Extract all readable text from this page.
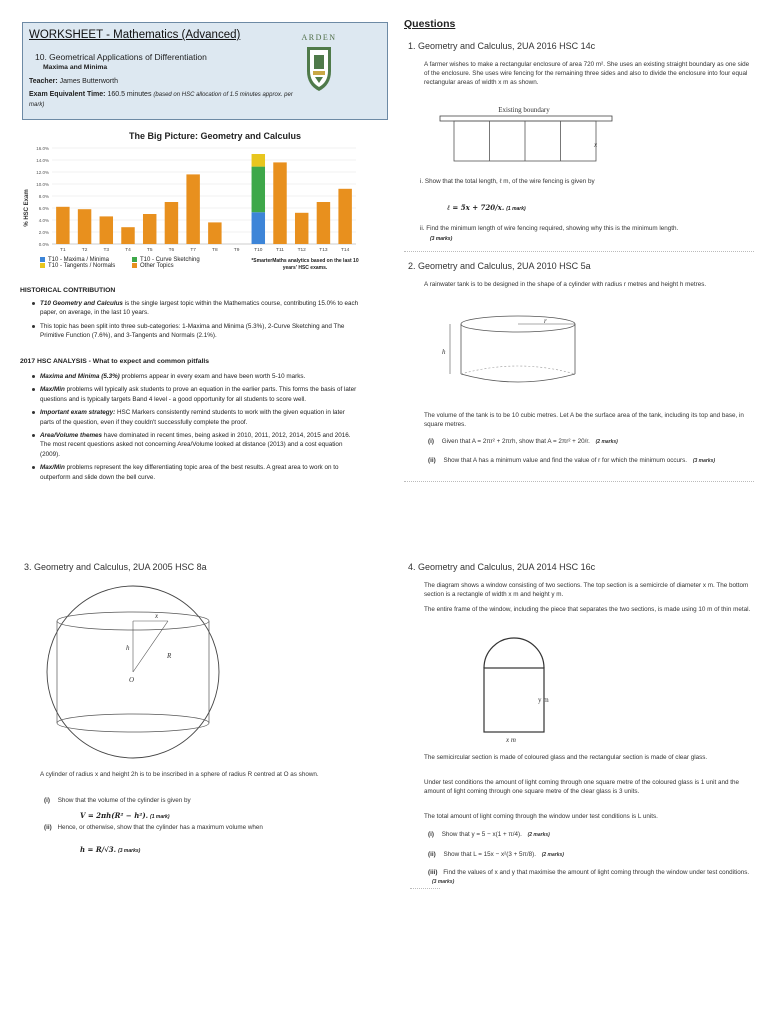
WORKSHEET - Mathematics (Advanced)
10. Geometrical Applications of Differentiation
Maxima and Minima
Teacher: James Butterworth
Exam Equivalent Time: 160.5 minutes (based on HSC allocation of 1.5 minutes approx. per mark)
ARDEN
The Big Picture: Geometry and Calculus
0.0%
2.0%
4.0%
6.0%
8.0%
10.0%
12.0%
14.0%
16.0%
T1	T2	T3	T4	T5	T6	T7	T8	T9	T10	T11	T12	T13	T14
% HSC Exam
T10 - Maxima / Minima
T10 - Tangents / Normals
T10 - Curve Sketching
Other Topics
*SmarterMaths analytics based on the last 10 years' HSC exams.
HISTORICAL CONTRIBUTION
T10 Geometry and Calculus is the single largest topic within the Mathematics course, contributing 15.0% to each paper, on average, in the last 10 years.
This topic has been split into three sub-categories: 1-Maxima and Minima (5.3%), 2-Curve Sketching and The Primitive Function (7.6%), and 3-Tangents and Normals (2.1%).
2017 HSC ANALYSIS - What to expect and common pitfalls
Maxima and Minima (5.3%) problems appear in every exam and have been worth 5-10 marks.
Max/Min problems will typically ask students to prove an equation in the earlier parts. This forms the basis of later questions and is typically targets Band 4 level - a good opportunity for all students to score well.
Important exam strategy: HSC Markers consistently remind students to work with the given equation in later parts of the question, even if they couldn't successfully complete the proof.
Area/Volume themes have dominated in recent times, being asked in 2010, 2011, 2012, 2014, 2015 and 2016. The most recent questions asked not concerning Area/Volume looked at distance (2013) and a cost equation (2009).
Max/Min problems represent the key differentiating topic area of the best results. A great area to work on to outperform and slide down the bell curve.
Questions
1. Geometry and Calculus, 2UA 2016 HSC 14c
A farmer wishes to make a rectangular enclosure of area 720 m². She uses an existing straight boundary as one side of the enclosure. She uses wire fencing for the remaining three sides and also to divide the enclosure into four equal rectangular areas of width x m as shown.
Existing boundary
x
i. Show that the total length, ℓ m, of the wire fencing is given by
ℓ = 5x + 720/x. (1 mark)
ii. Find the minimum length of wire fencing required, showing why this is the minimum length.
(3 marks)
2. Geometry and Calculus, 2UA 2010 HSC 5a
A rainwater tank is to be designed in the shape of a cylinder with radius r metres and height h metres.
r
h
The volume of the tank is to be 10 cubic metres. Let A be the surface area of the tank, including its top and base, in square metres.
(i) Given that A = 2πr² + 2πrh, show that A = 2πr² + 20/r. (2 marks)
(ii) Show that A has a minimum value and find the value of r for which the minimum occurs. (3 marks)
3. Geometry and Calculus, 2UA 2005 HSC 8a
x
h
R
O
A cylinder of radius x and height 2h is to be inscribed in a sphere of radius R centred at O as shown.
(i) Show that the volume of the cylinder is given by
V = 2πh(R² − h²). (1 mark)
(ii) Hence, or otherwise, show that the cylinder has a maximum volume when
h = R/√3. (3 marks)
4. Geometry and Calculus, 2UA 2014 HSC 16c
The diagram shows a window consisting of two sections. The top section is a semicircle of diameter x m. The bottom section is a rectangle of width x m and height y m.
The entire frame of the window, including the piece that separates the two sections, is made using 10 m of thin metal.
y m
x m
The semicircular section is made of coloured glass and the rectangular section is made of clear glass.
Under test conditions the amount of light coming through one square metre of the coloured glass is 1 unit and the amount of light coming through one square metre of the clear glass is 3 units.
The total amount of light coming through the window under test conditions is L units.
(i) Show that y = 5 − x(1 + π/4). (2 marks)
(ii) Show that L = 15x − x²(3 + 5π/8). (2 marks)
(iii) Find the values of x and y that maximise the amount of light coming through the window under test conditions. (3 marks)
